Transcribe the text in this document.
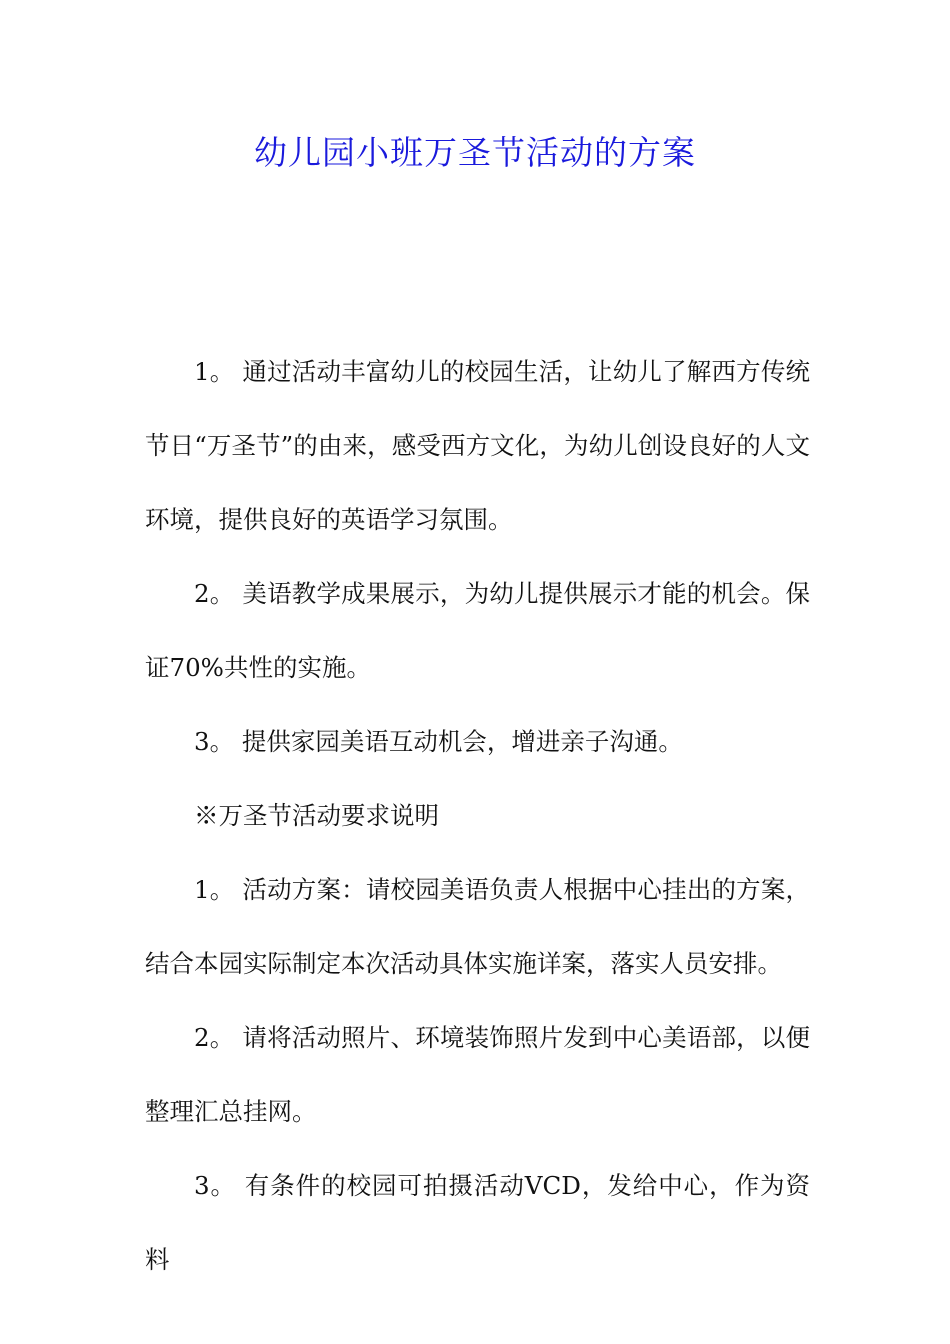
幼儿园小班万圣节活动的方案

1。 通过活动丰富幼儿的校园生活，让幼儿了解西方传统节日“万圣节”的由来，感受西方文化，为幼儿创设良好的人文环境，提供良好的英语学习氛围。

2。 美语教学成果展示，为幼儿提供展示才能的机会。保证70%共性的实施。

3。 提供家园美语互动机会，增进亲子沟通。

※万圣节活动要求说明

1。 活动方案：请校园美语负责人根据中心挂出的方案，结合本园实际制定本次活动具体实施详案，落实人员安排。

2。 请将活动照片、环境装饰照片发到中心美语部，以便整理汇总挂网。

3。 有条件的校园可拍摄活动VCD，发给中心，作为资料
